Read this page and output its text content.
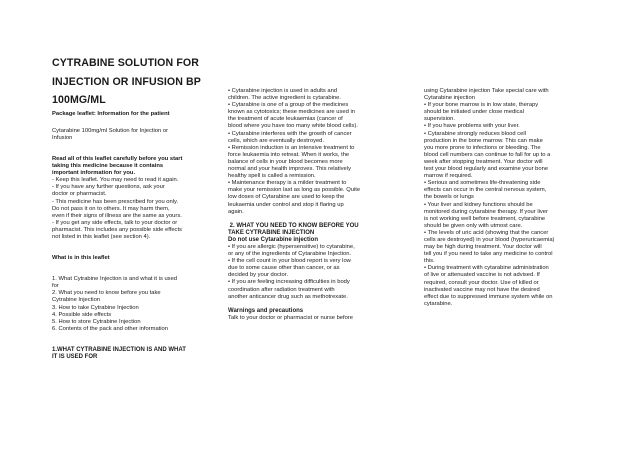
CYTRABINE SOLUTION FOR

INJECTION OR INFUSION BP

100MG/ML

Package leaflet: Information for the patient

Cytarabine 100mg/ml Solution for Injection or

Infusion

Read all of this leaflet carefully before you start

taking this medicine because it contains

important information for you.

- Keep this leaflet. You may need to read it again.

- If you have any further questions, ask your

doctor or pharmacist.

- This medicine has been prescribed for you only.

Do not pass it on to others. It may harm them,

even if their signs of illness are the same as yours.

- If you get any side effects, talk to your doctor or

pharmacist. This includes any possible side effects

not listed in this leaflet (see section 4).

What is in this leaflet

1. What Cytrabine Injection is and what it is used

for

2. What you need to know before you take

Cytrabine Injection

3. How to take Cytrabine Injection

4. Possible side effects

5. How to store Cytrabine Injection

6. Contents of the pack and other information

1.WHAT CYTRABINE INJECTION IS AND WHAT

IT IS USED FOR

• Cytarabine injection is used in adults and

children. The active ingredient is cytarabine.

• Cytarabine is one of a group of the medicines

known as cytotoxics; these medicines are used in

the treatment of acute leukaemias (cancer of

blood where you have too many white blood cells).

• Cytarabine interferes with the growth of cancer

cells, which are eventually destroyed.

• Remission induction is an intensive treatment to

force leukaemia into retreat. When it works, the

balance of cells in your blood becomes more

normal and your health improves. This relatively

healthy spell is called a remission.

• Maintenance therapy is a milder treatment to

make your remission last as long as possible. Quite

low doses of Cytarabine are used to keep the

leukaemia under control and stop it flaring up

again.

2. WHAT YOU NEED TO KNOW BEFORE YOU

TAKE CYTRABINE INJECTION

Do not use Cytarabine injection

• If you are allergic (hypersensitive) to cytarabine,

or any of the ingredients of Cytarabine Injection.

• If the cell count in your blood report is very low

due to some cause other than cancer, or as

decided by your doctor.

• If you are feeling increasing difficulties in body

coordination after radiation treatment with

another anticancer drug such as methotrexate.

Warnings and precautions

Talk to your doctor or pharmacist or nurse before

using Cytarabine injection Take special care with

Cytarabine injection

• If your bone marrow is in low state, therapy

should be initiated under close medical

supervision.

• If you have problems with your liver.

• Cytarabine strongly reduces blood cell

production in the bone marrow. This can make

you more prone to infections or bleeding. The

blood cell numbers can continue to fall for up to a

week after stopping treatment. Your doctor will

test your blood regularly and examine your bone

marrow if required.

• Serious and sometimes life-threatening side

effects can occur in the central nervous system,

the bowels or lungs

• Your liver and kidney functions should be

monitored during cytarabine therapy. If your liver

is not working well before treatment, cytarabine

should be given only with utmost care.

• The levels of uric acid (showing that the cancer

cells are destroyed) in your blood (hyperuricaemia)

may be high during treatment. Your doctor will

tell you if you need to take any medicine to control

this.

• During treatment with cytarabine administration

of live or attenuated vaccine is not advised. If

required, consult your doctor. Use of killed or

inactivated vaccine may not have the desired

effect due to suppressed immune system while on

cytarabine.
